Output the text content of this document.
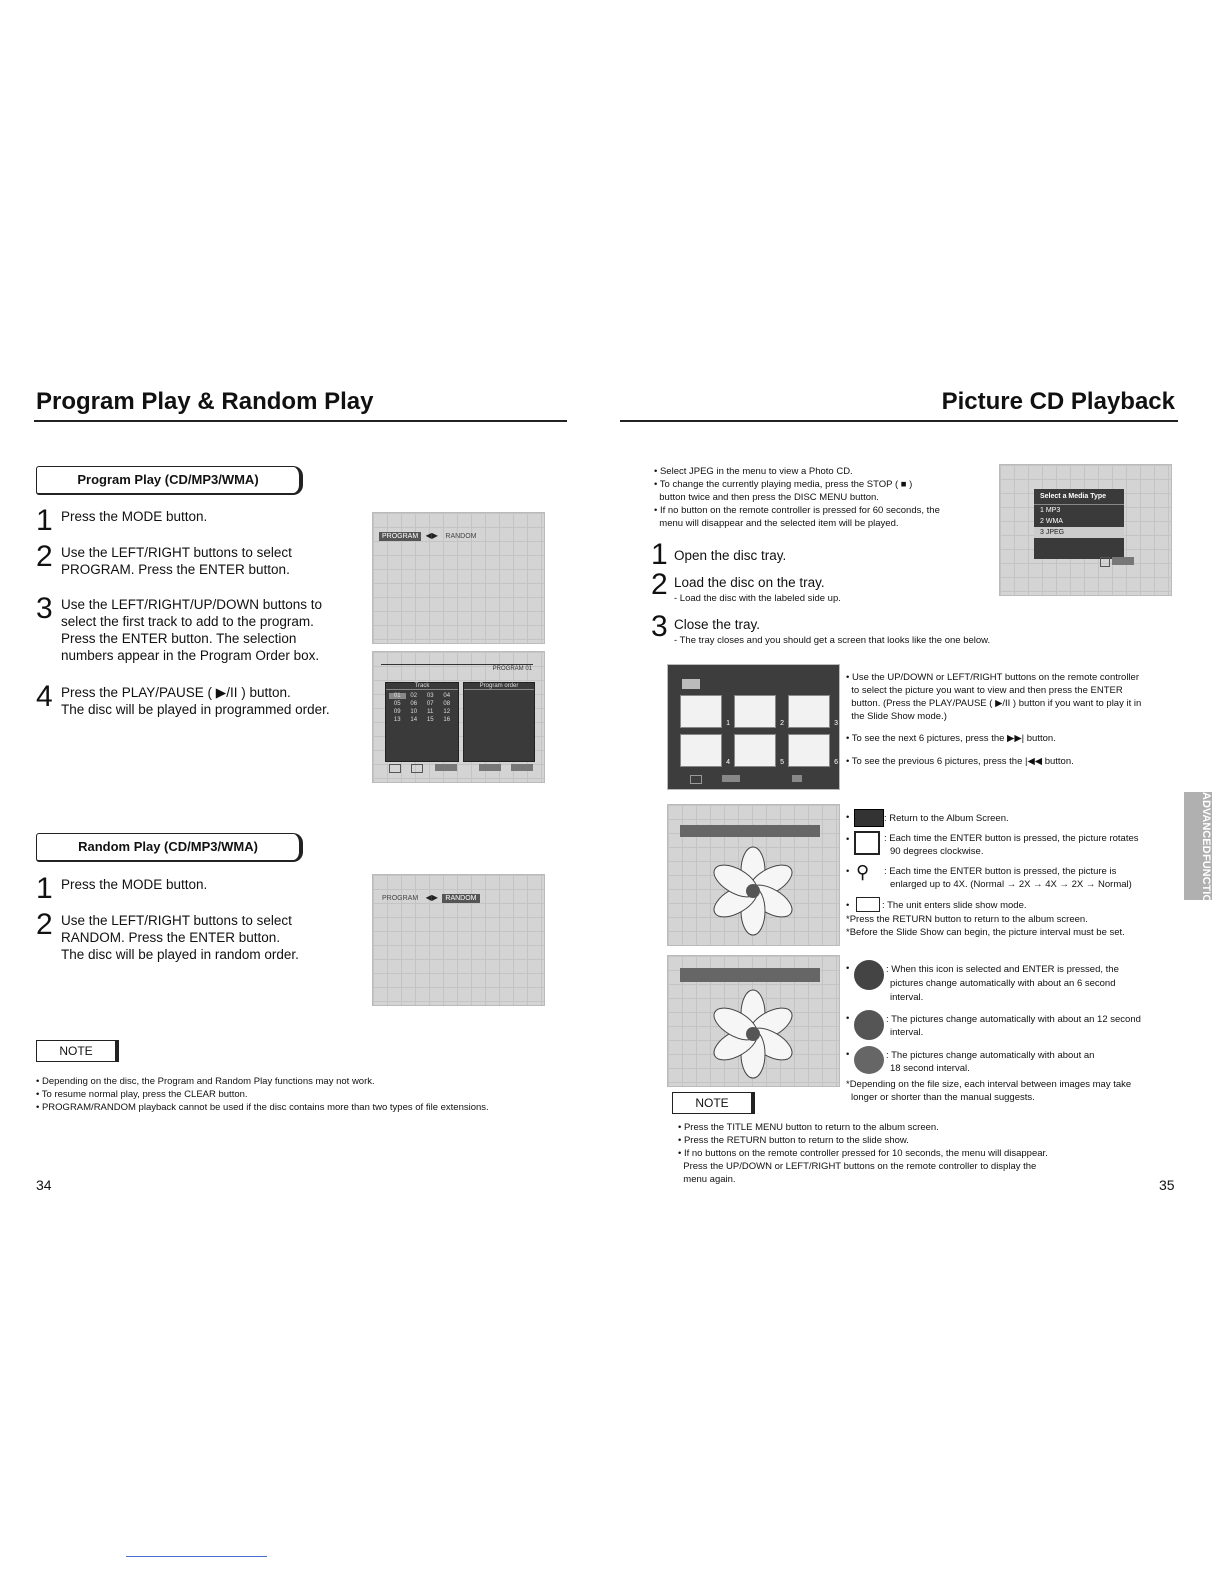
Program Play & Random Play
Program Play (CD/MP3/WMA)
1 Press the MODE button.
2 Use the LEFT/RIGHT buttons to select
PROGRAM. Press the ENTER button.
3 Use the LEFT/RIGHT/UP/DOWN buttons to
select the first track to add to the program.
Press the ENTER button. The selection
numbers appear in the Program Order box.
4 Press the PLAY/PAUSE ( ▶/II ) button.
The disc will be played in programmed order.
PROGRAM ◀▶ RANDOM
PROGRAM 01
Track
01	02	03	04
05	06	07	08
09	10	11	12
13	14	15	16
Program order
Random Play (CD/MP3/WMA)
1 Press the MODE button.
2 Use the LEFT/RIGHT buttons to select
RANDOM. Press the ENTER button.
The disc will be played in random order.
PROGRAM ◀▶ RANDOM
NOTE
• Depending on the disc, the Program and Random Play functions may not work.
• To resume normal play, press the CLEAR button.
• PROGRAM/RANDOM playback cannot be used if the disc contains more than two types of file extensions.
34
Picture CD Playback
• Select JPEG in the menu to view a Photo CD.
• To change the currently playing media, press the STOP ( ■ )
button twice and then press the DISC MENU button.
• If no button on the remote controller is pressed for 60 seconds, the
menu will disappear and the selected item will be played.
Select a Media Type
1 MP3
2 WMA
3 JPEG
1 Open the disc tray.
2 Load the disc on the tray.
- Load the disc with the labeled side up.
3 Close the tray.
- The tray closes and you should get a screen that looks like the one below.
1	2	3
4	5	6
• Use the UP/DOWN or LEFT/RIGHT buttons on the remote controller
to select the picture you want to view and then press the ENTER
button. (Press the PLAY/PAUSE ( ▶/II ) button if you want to play it in
the Slide Show mode.)
• To see the next 6 pictures, press the ▶▶| button.
• To see the previous 6 pictures, press the |◀◀ button.
•	: Return to the Album Screen.
•	: Each time the ENTER button is pressed, the picture rotates
90 degrees clockwise.
• ⚲ : Each time the ENTER button is pressed, the picture is
enlarged up to 4X. (Normal → 2X → 4X → 2X → Normal)
•	: The unit enters slide show mode.
*Press the RETURN button to return to the album screen.
*Before the Slide Show can begin, the picture interval must be set.
•	: When this icon is selected and ENTER is pressed, the
pictures change automatically with about an 6 second
interval.
•	: The pictures change automatically with about an 12 second
interval.
•	: The pictures change automatically with about an
18 second interval.
*Depending on the file size, each interval between images may take
longer or shorter than the manual suggests.
NOTE
• Press the TITLE MENU button to return to the album screen.
• Press the RETURN button to return to the slide show.
• If no buttons on the remote controller pressed for 10 seconds, the menu will disappear.
Press the UP/DOWN or LEFT/RIGHT buttons on the remote controller to display the
menu again.	35
ADVANCED
FUNCTIONS
